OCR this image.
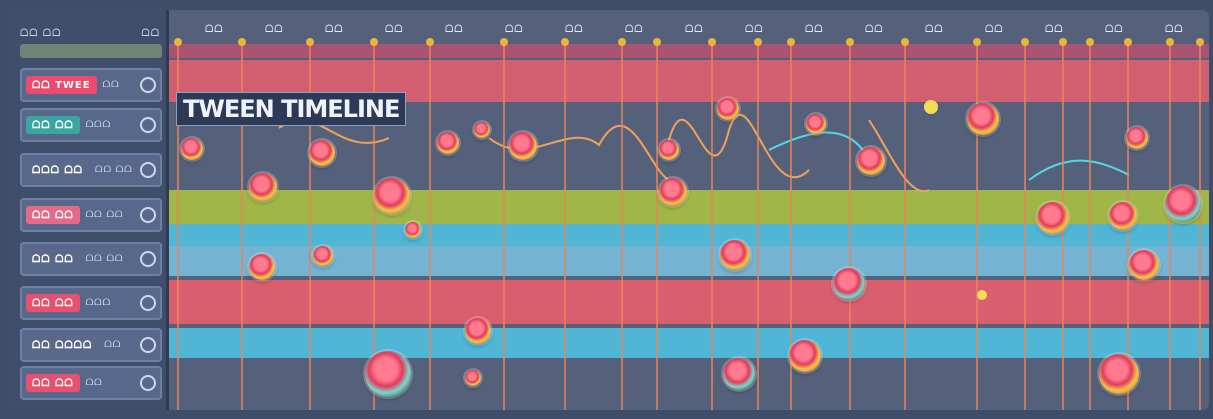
ᗝᗝ ᗝᗝ	ᗝᗝ
ᗝᗝ TWEE	ᗝᗝ
ᗝᗝ ᗝᗝ	ᗝᗝᗝ
ᗝᗝᗝ ᗝᗝ	ᗝᗝ ᗝᗝ
ᗝᗝ ᗝᗝ	ᗝᗝ ᗝᗝ
ᗝᗝ ᗝᗝ	ᗝᗝ ᗝᗝ
ᗝᗝ ᗝᗝ	ᗝᗝᗝ
ᗝᗝ ᗝᗝᗝᗝ	ᗝᗝ
ᗝᗝ ᗝᗝ	ᗝᗝ
ᗝᗝ	ᗝᗝ	ᗝᗝ	ᗝᗝ	ᗝᗝ	ᗝᗝ	ᗝᗝ	ᗝᗝ	ᗝᗝ	ᗝᗝ	ᗝᗝ	ᗝᗝ	ᗝᗝ	ᗝᗝ	ᗝᗝ	ᗝᗝ	ᗝᗝ
TWEEN TIMELINE
